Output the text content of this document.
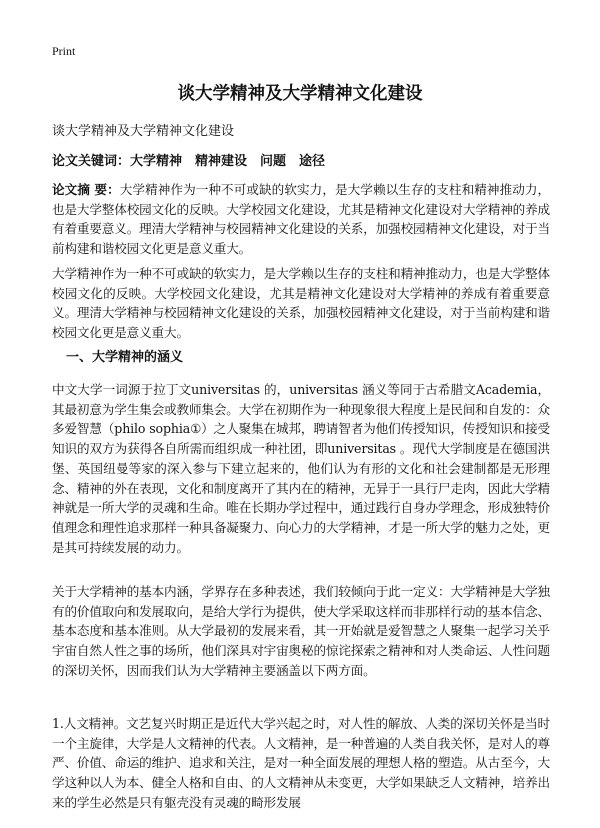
Print
谈大学精神及大学精神文化建设

谈大学精神及大学精神文化建设

论文关键词：大学精神　精神建设　问题　途径

论文摘 要：大学精神作为一种不可或缺的软实力，是大学赖以生存的支柱和精神推动力，也是大学整体校园文化的反映。大学校园文化建设，尤其是精神文化建设对大学精神的养成有着重要意义。理清大学精神与校园精神文化建设的关系，加强校园精神文化建设，对于当前构建和谐校园文化更是意义重大。

大学精神作为一种不可或缺的软实力，是大学赖以生存的支柱和精神推动力，也是大学整体校园文化的反映。大学校园文化建设，尤其是精神文化建设对大学精神的养成有着重要意义。理清大学精神与校园精神文化建设的关系，加强校园精神文化建设，对于当前构建和谐校园文化更是意义重大。

一、大学精神的涵义

中文大学一词源于拉丁文universitas 的，universitas 涵义等同于古希腊文Academia，其最初意为学生集会或教师集会。大学在初期作为一种现象很大程度上是民间和自发的：众多爱智慧（philo sophia①）之人聚集在城邦，聘请智者为他们传授知识，传授知识和接受知识的双方为获得各自所需而组织成一种社团，即universitas 。现代大学制度是在德国洪堡、英国纽曼等家的深入参与下建立起来的，他们认为有形的文化和社会建制都是无形理念、精神的外在表现，文化和制度离开了其内在的精神，无异于一具行尸走肉，因此大学精神就是一所大学的灵魂和生命。唯在长期办学过程中，通过践行自身办学理念，形成独特价值理念和理性追求那样一种具备凝聚力、向心力的大学精神，才是一所大学的魅力之处，更是其可持续发展的动力。

关于大学精神的基本内涵，学界存在多种表述，我们较倾向于此一定义：大学精神是大学独有的价值取向和发展取向，是给大学行为提供，使大学采取这样而非那样行动的基本信念、基本态度和基本准则。从大学最初的发展来看，其一开始就是爱智慧之人聚集一起学习关乎宇宙自然人性之事的场所，他们深具对宇宙奥秘的惊诧探索之精神和对人类命运、人性问题的深切关怀，因而我们认为大学精神主要涵盖以下两方面。

1.人文精神。文艺复兴时期正是近代大学兴起之时，对人性的解放、人类的深切关怀是当时一个主旋律，大学是人文精神的代表。人文精神，是一种普遍的人类自我关怀，是对人的尊严、价值、命运的维护、追求和关注，是对一种全面发展的理想人格的塑造。从古至今，大学这种以人为本、健全人格和自由、的人文精神从未变更，大学如果缺乏人文精神，培养出来的学生必然是只有躯壳没有灵魂的畸形发展
